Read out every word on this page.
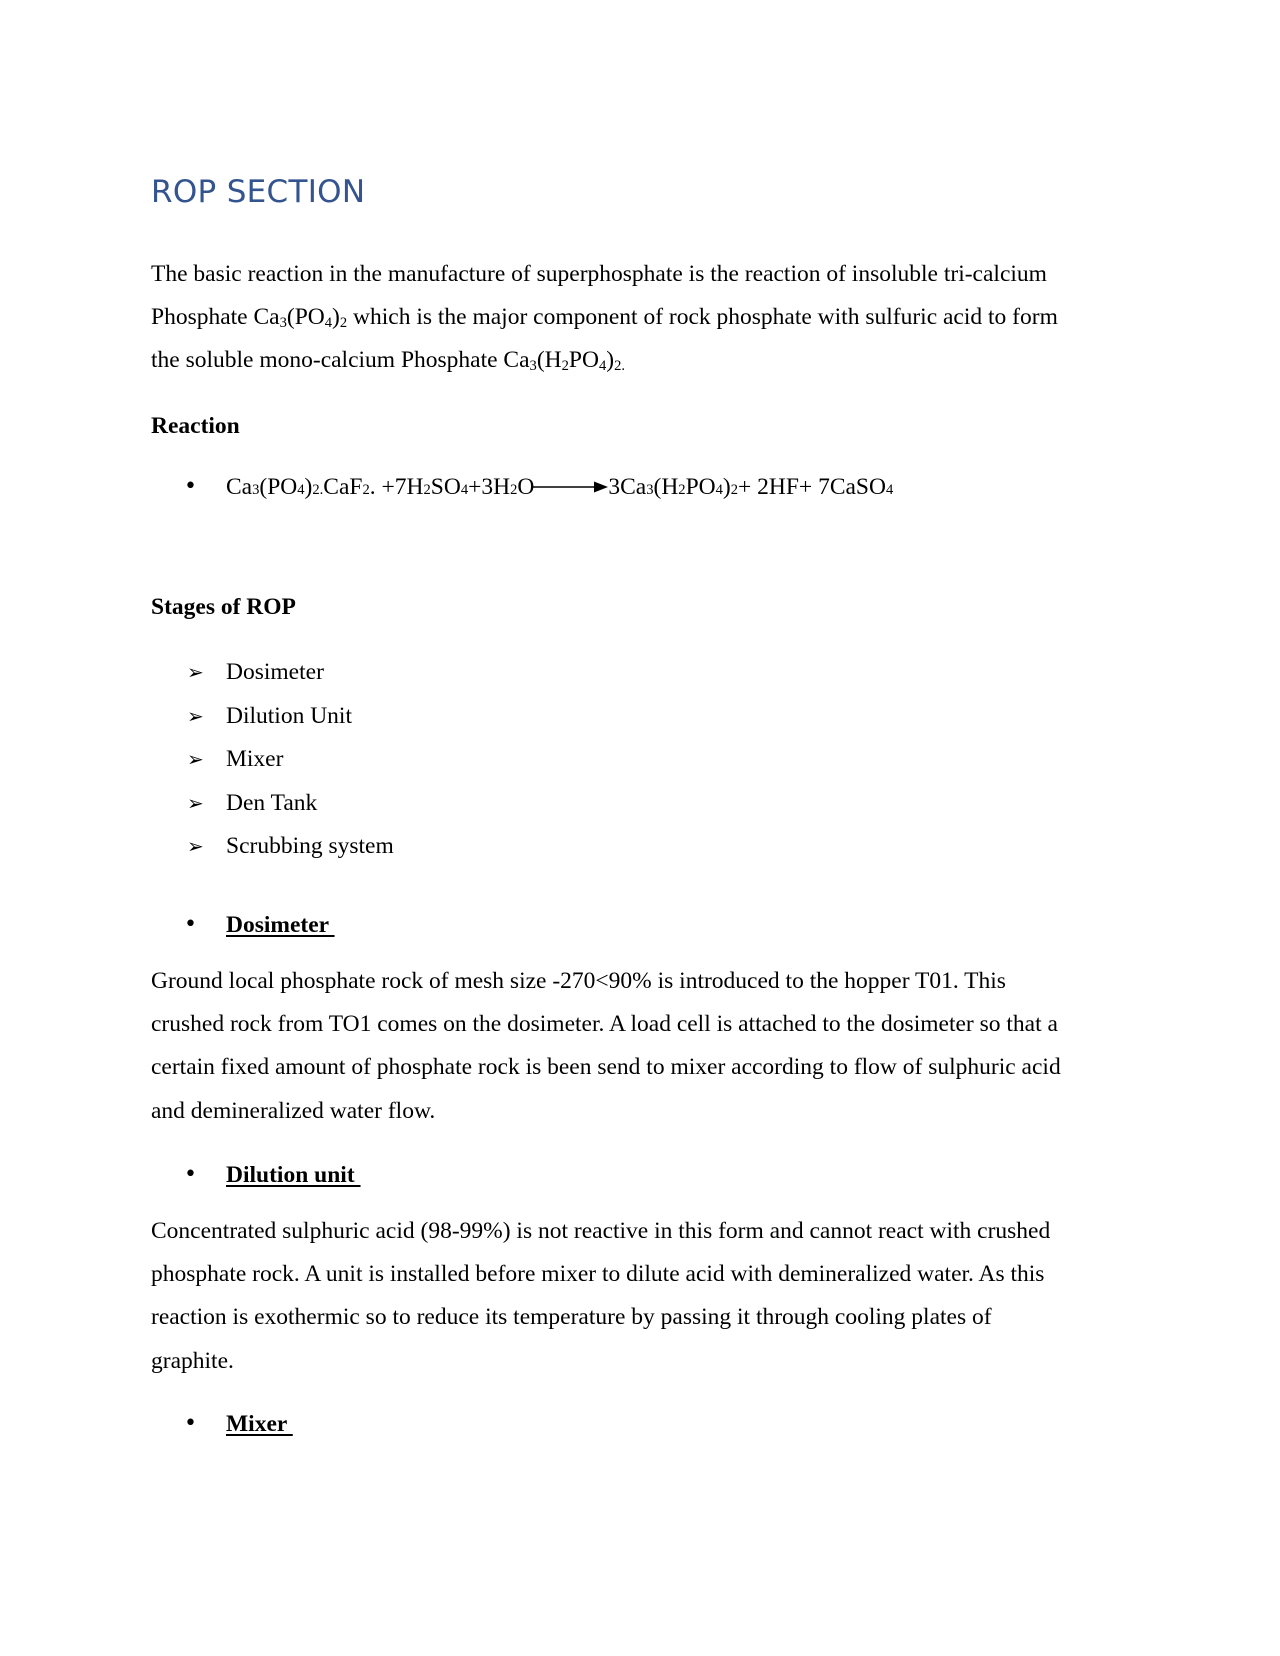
ROP SECTION
The basic reaction in the manufacture of superphosphate is the reaction of insoluble tri-calcium
Phosphate $Ca_3(PO_4)_2$ which is the major component of rock phosphate with sulfuric acid to form
the soluble mono-calcium Phosphate $Ca_3(H_2PO_4)_{2.}$
Reaction
• Ca 3 (PO 4 ) 2. CaF 2 . +7H 2 SO 4 +3H 2 O → 3Ca 3 (H 2 PO 4 ) 2 + 2HF+ 7CaSO 4
Stages of ROP
➢ Dosimeter
➢ Dilution Unit
➢ Mixer
➢ Den Tank
➢ Scrubbing system
• Dosimeter
Ground local phosphate rock of mesh size -270<90% is introduced to the hopper T01. This
crushed rock from TO1 comes on the dosimeter. A load cell is attached to the dosimeter so that a
certain fixed amount of phosphate rock is been send to mixer according to flow of sulphuric acid
and demineralized water flow.
• Dilution unit
Concentrated sulphuric acid (98-99%) is not reactive in this form and cannot react with crushed
phosphate rock. A unit is installed before mixer to dilute acid with demineralized water. As this
reaction is exothermic so to reduce its temperature by passing it through cooling plates of
graphite.
• Mixer
